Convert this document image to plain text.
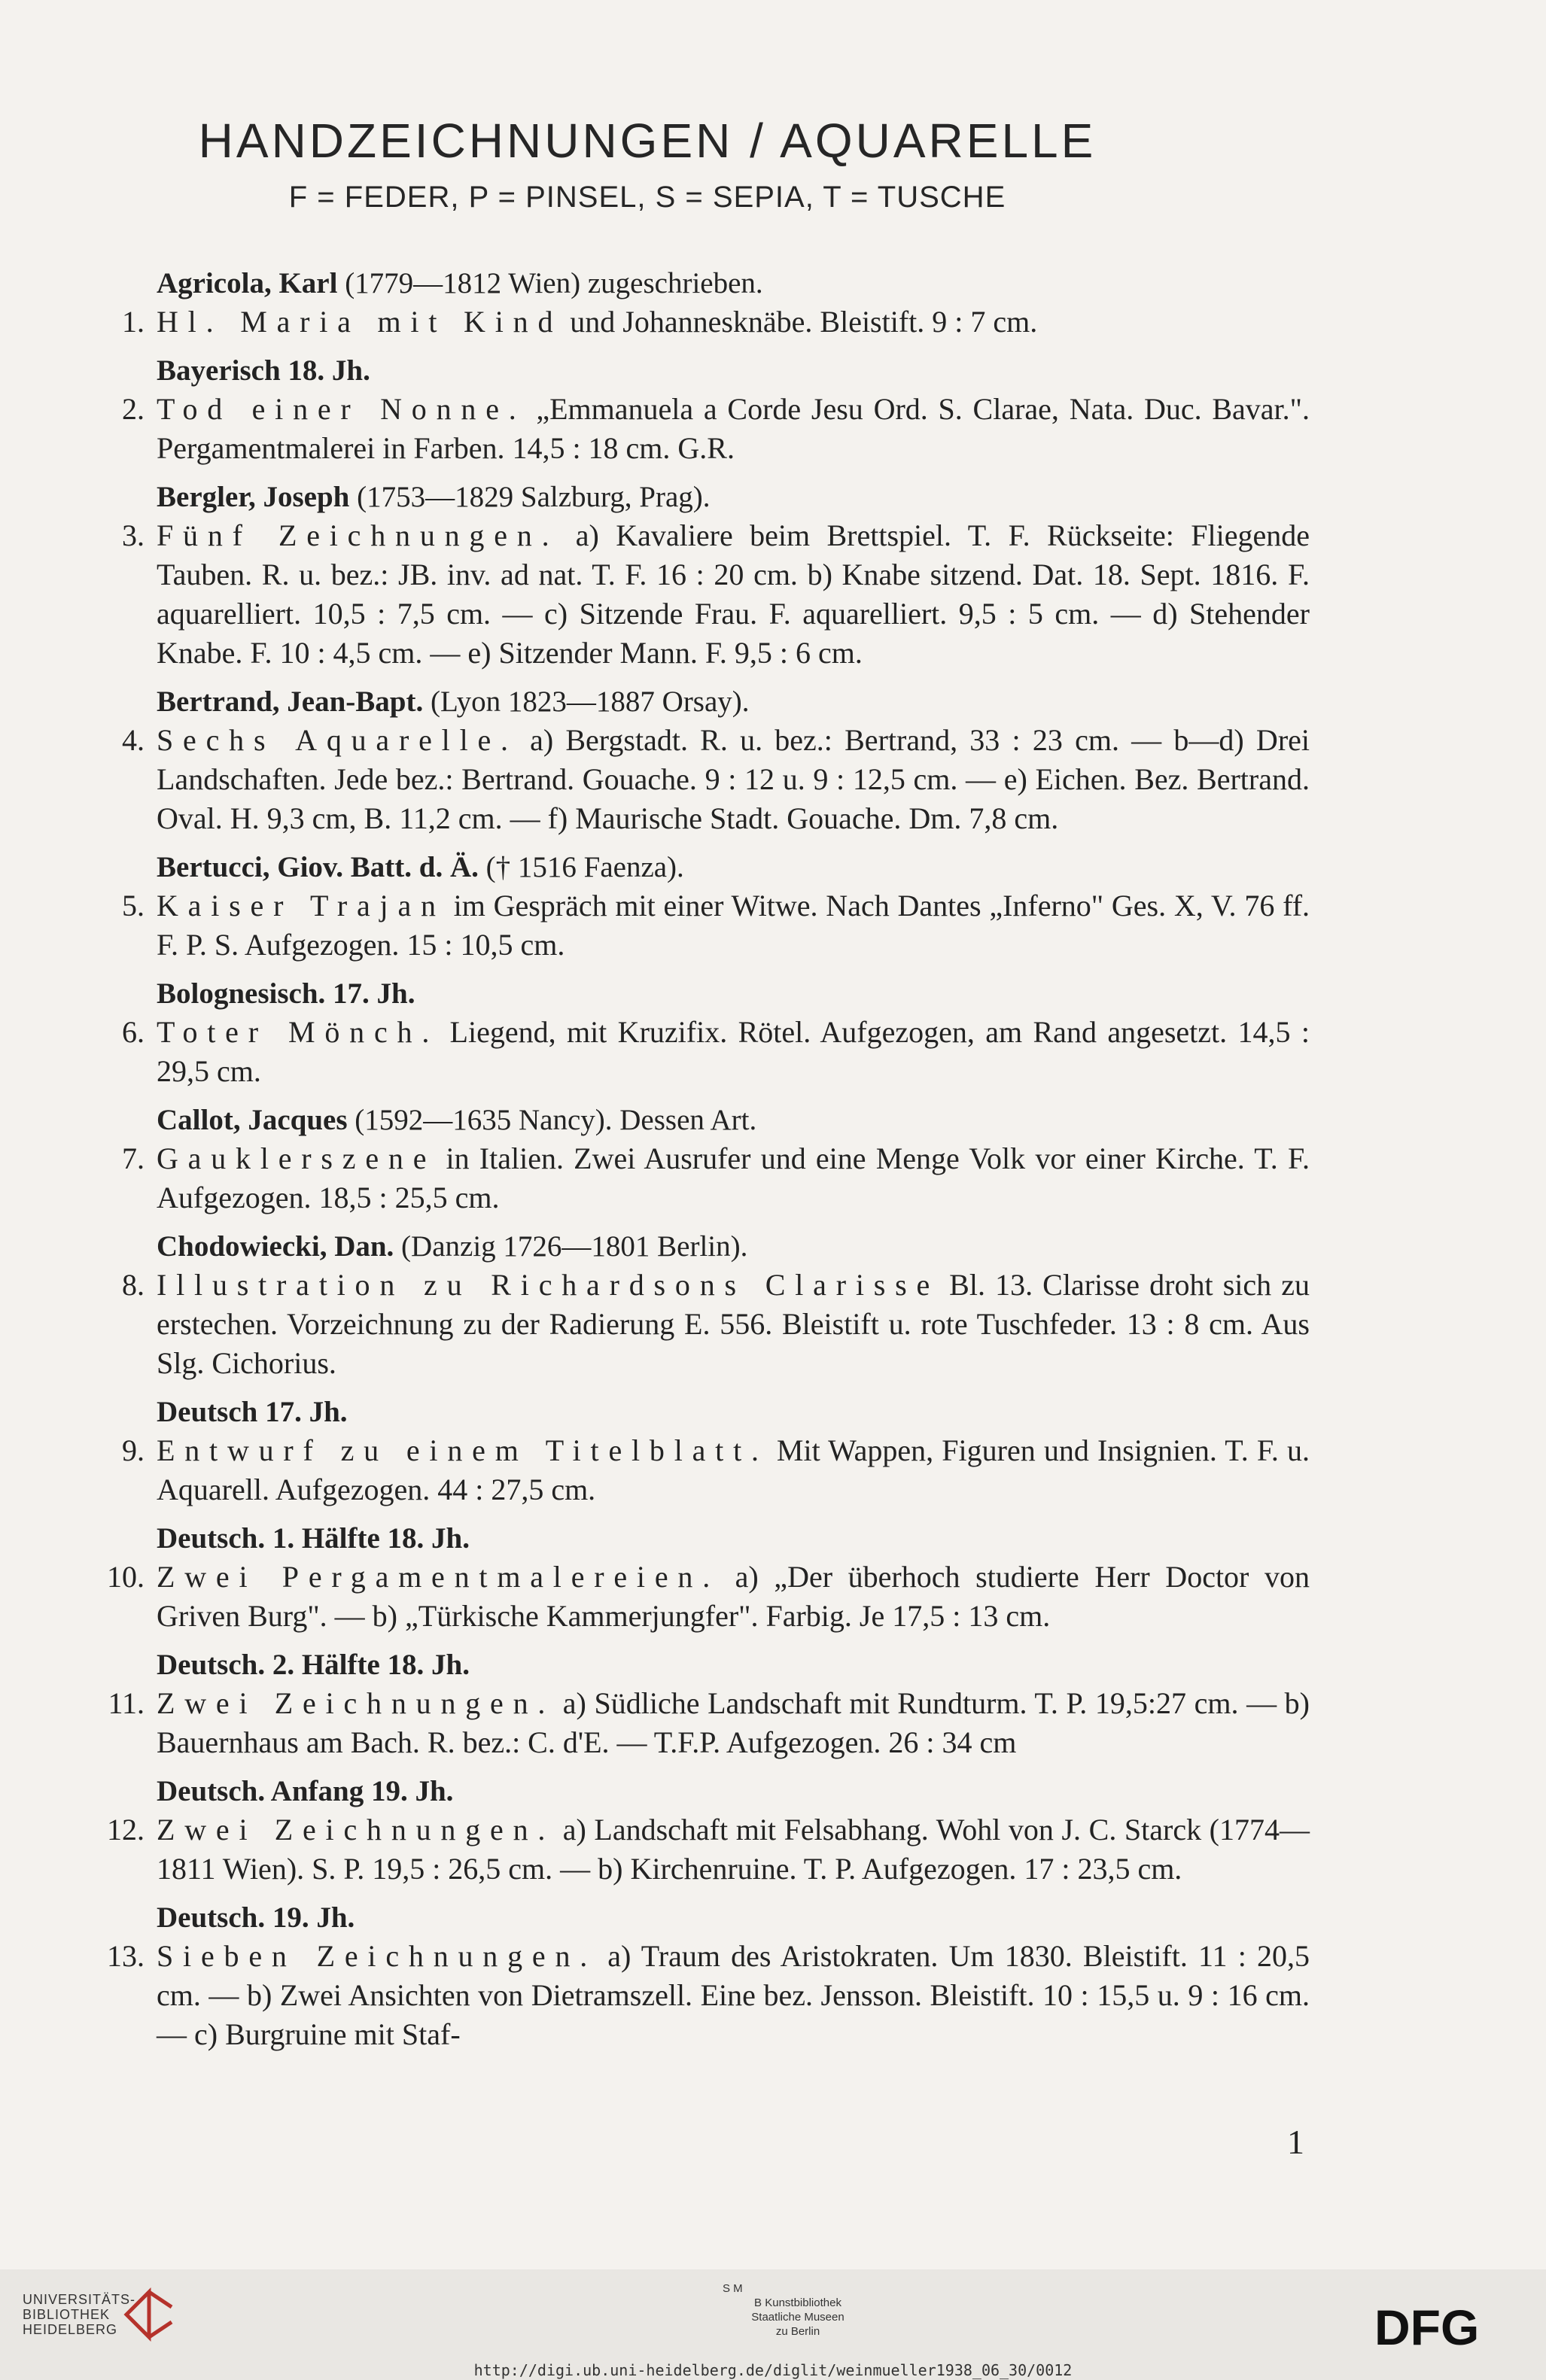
HANDZEICHNUNGEN / AQUARELLE
F = FEDER, P = PINSEL, S = SEPIA, T = TUSCHE
Agricola, Karl (1779—1812 Wien) zugeschrieben.
1. Hl. Maria mit Kind und Johannesknäbe. Bleistift. 9 : 7 cm.
Bayerisch 18. Jh.
2. Tod einer Nonne. „Emmanuela a Corde Jesu Ord. S. Clarae, Nata. Duc. Bavar.". Pergamentmalerei in Farben. 14,5 : 18 cm. G.R.
Bergler, Joseph (1753—1829 Salzburg, Prag).
3. Fünf Zeichnungen. a) Kavaliere beim Brettspiel. T. F. Rückseite: Fliegende Tauben. R. u. bez.: JB. inv. ad nat. T. F. 16 : 20 cm. b) Knabe sitzend. Dat. 18. Sept. 1816. F. aquarelliert. 10,5 : 7,5 cm. — c) Sitzende Frau. F. aquarelliert. 9,5 : 5 cm. — d) Stehender Knabe. F. 10 : 4,5 cm. — e) Sitzender Mann. F. 9,5 : 6 cm.
Bertrand, Jean-Bapt. (Lyon 1823—1887 Orsay).
4. Sechs Aquarelle. a) Bergstadt. R. u. bez.: Bertrand, 33 : 23 cm. — b—d) Drei Landschaften. Jede bez.: Bertrand. Gouache. 9 : 12 u. 9 : 12,5 cm. — e) Eichen. Bez. Bertrand. Oval. H. 9,3 cm, B. 11,2 cm. — f) Maurische Stadt. Gouache. Dm. 7,8 cm.
Bertucci, Giov. Batt. d. Ä. († 1516 Faenza).
5. Kaiser Trajan im Gespräch mit einer Witwe. Nach Dantes „Inferno" Ges. X, V. 76 ff. F. P. S. Aufgezogen. 15 : 10,5 cm.
Bolognesisch. 17. Jh.
6. Toter Mönch. Liegend, mit Kruzifix. Rötel. Aufgezogen, am Rand angesetzt. 14,5 : 29,5 cm.
Callot, Jacques (1592—1635 Nancy). Dessen Art.
7. Gauklerszene in Italien. Zwei Ausrufer und eine Menge Volk vor einer Kirche. T. F. Aufgezogen. 18,5 : 25,5 cm.
Chodowiecki, Dan. (Danzig 1726—1801 Berlin).
8. Illustration zu Richardsons Clarisse Bl. 13. Clarisse droht sich zu erstechen. Vorzeichnung zu der Radierung E. 556. Bleistift u. rote Tuschfeder. 13 : 8 cm. Aus Slg. Cichorius.
Deutsch 17. Jh.
9. Entwurf zu einem Titelblatt. Mit Wappen, Figuren und Insignien. T. F. u. Aquarell. Aufgezogen. 44 : 27,5 cm.
Deutsch. 1. Hälfte 18. Jh.
10. Zwei Pergamentmalereien. a) „Der überhoch studierte Herr Doctor von Griven Burg". — b) „Türkische Kammerjungfer". Farbig. Je 17,5 : 13 cm.
Deutsch. 2. Hälfte 18. Jh.
11. Zwei Zeichnungen. a) Südliche Landschaft mit Rundturm. T. P. 19,5:27 cm. — b) Bauernhaus am Bach. R. bez.: C. d'E. — T.F.P. Aufgezogen. 26 : 34 cm
Deutsch. Anfang 19. Jh.
12. Zwei Zeichnungen. a) Landschaft mit Felsabhang. Wohl von J. C. Starck (1774—1811 Wien). S. P. 19,5 : 26,5 cm. — b) Kirchenruine. T. P. Aufgezogen. 17 : 23,5 cm.
Deutsch. 19. Jh.
13. Sieben Zeichnungen. a) Traum des Aristokraten. Um 1830. Bleistift. 11 : 20,5 cm. — b) Zwei Ansichten von Dietramszell. Eine bez. Jensson. Bleistift. 10 : 15,5 u. 9 : 16 cm. — c) Burgruine mit Staf-
1
UNIVERSITÄTS-
BIBLIOTHEK
HEIDELBERG
S M
B Kunstbibliothek
Staatliche Museen
zu Berlin	DFG
http://digi.ub.uni-heidelberg.de/diglit/weinmueller1938_06_30/0012
